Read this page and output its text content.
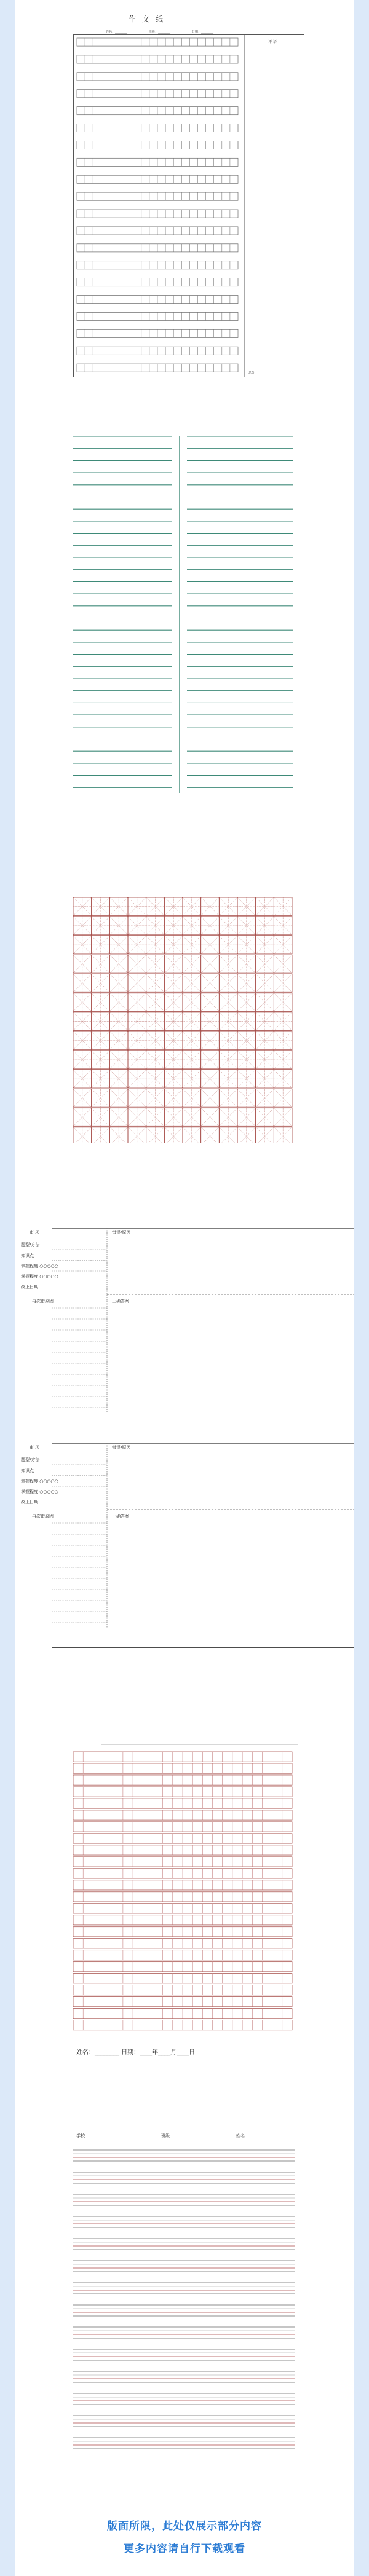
作文纸
姓名：________	班级：________	日期：________
评 语
总分
审 项	错误/原因
题型/方法
知识点
掌握程度 ○○○○○
掌握程度 ○○○○○
改正日期
再次错原因	正确答案
审 项	错误/原因
题型/方法
知识点
掌握程度 ○○○○○
掌握程度 ○○○○○
改正日期
再次错原因	正确答案
姓名：________ 日期：____年____月____日
学校：________	班级：________	姓名：________
版面所限，此处仅展示部分内容
更多内容请自行下载观看
知乎 @豆瓣
